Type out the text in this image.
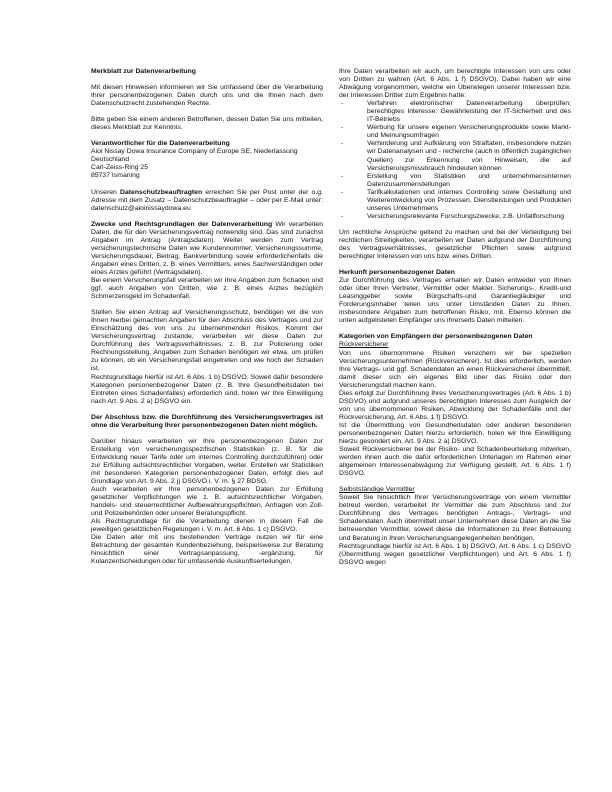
Merkblatt zur Datenverarbeitung

Mit diesen Hinweisen informieren wir Sie umfassend über die Verarbeitung Ihrer personenbezogenen Daten durch uns und die Ihnen nach dem Datenschutzrecht zustehenden Rechte.

Bitte geben Sie einem anderen Betroffenen, dessen Daten Sie uns mitteilen, dieses Merkblatt zur Kenntnis.

Verantwortlicher für die Datenverarbeitung
Aioi Nissay Dowa Insurance Company of Europe SE, Niederlassung Deutschland
Carl-Zeiss-Ring 25
85737 Ismaning

Unseren Datenschutzbeauftragten erreichen Sie per Post unter der o.g. Adresse mit dem Zusatz – Datenschutzbeauftragter – oder per E-Mail unter: datenschutz@aioinissaydowa.eu

Zwecke und Rechtsgrundlagen der Datenverarbeitung Wir verarbeiten Daten, die für den Versicherungsvertrag notwendig sind. Das sind zunächst Angaben im Antrag (Antragsdaten). Weiter werden zum Vertrag versicherungstechnische Daten wie Kundennummer, Versicherungssumme, Versicherungsdauer, Beitrag, Bankverbindung sowie erforderlichenfalls die Angaben eines Dritten, z. B. eines Vermittlers, eines Sachverständigen oder eines Arztes geführt (Vertragsdaten).

Bei einem Versicherungsfall verarbeiten wir Ihre Angaben zum Schaden und ggf. auch Angaben von Dritten, wie z. B. eines Arztes bezüglich Schmerzensgeld im Schadenfall.

Stellen Sie einen Antrag auf Versicherungsschutz, benötigen wir die von Ihnen hierbei gemachten Angaben für den Abschluss des Vertrages und zur Einschätzung des von uns zu übernehmenden Risikos. Kommt der Versicherungsvertrag zustande, verarbeiten wir diese Daten zur Durchführung des Vertragsverhältnisses, z. B. zur Policierung oder Rechnungsstellung. Angaben zum Schaden benötigen wir etwa, um prüfen zu können, ob ein Versicherungsfall eingetreten und wie hoch der Schaden ist.

Rechtsgrundlage hierfür ist Art. 6 Abs. 1 b) DSGVO. Soweit dafür besondere Kategorien personenbezogener Daten (z. B. Ihre Gesundheitsdaten bei Eintreten eines Schadenfalles) erforderlich sind, holen wir Ihre Einwilligung nach Art. 9 Abs. 2 a) DSGVO ein.

Der Abschluss bzw. die Durchführung des Versicherungsvertrages ist ohne die Verarbeitung Ihrer personenbezogenen Daten nicht möglich.

Darüber hinaus verarbeiten wir Ihre personenbezogenen Daten zur Erstellung von versicherungsspezifischen Statistiken (z. B. für die Entwicklung neuer Tarife oder um internes Controlling durchzuführen) oder zur Erfüllung aufsichtsrechtlicher Vorgaben, weiter. Erstellen wir Statistiken mit besonderen Kategorien personenbezogener Daten, erfolgt dies auf Grundlage von Art. 9 Abs. 2 j) DSGVO i. V. m. § 27 BDSG.

Auch verarbeiten wir Ihre personenbezogenen Daten zur Erfüllung gesetzlicher Verpflichtungen wie z. B. aufsichtsrechtlicher Vorgaben, handels- und steuerrechtlicher Aufbewahrungspflichten, Anfragen von Zoll- und Polizeibehörden oder unserer Beratungspflicht.

Als Rechtsgrundlage für die Verarbeitung dienen in diesem Fall die jeweiligen gesetzlichen Regelungen i. V. m. Art. 6 Abs. 1 c) DSGVO.

Die Daten aller mit uns bestehenden Verträge nutzen wir für eine Betrachtung der gesamten Kundenbeziehung, beispielsweise zur Beratung hinsichtlich einer Vertragsanpassung, -ergänzung, für Kulanzentscheidungen oder für umfassende Auskunftserteilungen.

Ihre Daten verarbeiten wir auch, um berechtigte Interessen von uns oder von Dritten zu wahren (Art. 6 Abs. 1 f) DSGVO). Dabei haben wir eine Abwägung vorgenommen, welche ein Überwiegen unserer Interessen bzw. der Interessen Dritter zum Ergebnis hatte:

- Verfahren elektronischer Datenverarbeitung überprüfen; berechtigtes Interesse: Gewährleistung der IT-Sicherheit und des IT-Betriebs
- Werbung für unsere eigenen Versicherungsprodukte sowie Markt- und Meinungsumfragen
- Verhinderung und Aufklärung von Straftaten, insbesondere nutzen wir Datenanalysen und - recherche (auch in öffentlich zugänglichen Quellen) zur Erkennung von Hinweisen, die auf Versicherungsmissbrauch hindeuten können
- Erstellung von Statistiken und unternehmensinternen Datenzusammenstellungen
- Tarifkalkulationen und internes Controlling sowie Gestaltung und Weiterentwicklung von Prozessen, Dienstleistungen und Produkten unseres Unternehmens
- Versicherungsrelevante Forschungszwecke, z.B. Unfallforschung

Um rechtliche Ansprüche geltend zu machen und bei der Verteidigung bei rechtlichen Streitigkeiten, verarbeiten wir Daten aufgrund der Durchführung des Vertragsverhältnisses, gesetzlicher Pflichten sowie aufgrund berechtigter Interessen von uns bzw. eines Dritten.

Herkunft personenbezogener Daten

Zur Durchführung des Vertrages erhalten wir Daten entweder von Ihnen oder über Ihren Vertreter, Vermittler oder Makler. Sicherungs-, Kredit-und Leasinggeber sowie Bürgschafts-und Garantiegläubiger und Forderungsinhaber teilen uns unter Umständen Daten zu Ihnen, insbesondere Angaben zum betroffenen Risiko, mit. Ebenso können die unten aufgelisteten Empfänger uns ihrerseits Daten mitteilen.

Kategorien von Empfängern der personenbezogenen Daten

Rückversicherer

Von uns übernommene Risiken versichern wir bei speziellen Versicherungsunternehmen (Rückversicherer). Ist dies erforderlich, werden Ihre Vertrags- und ggf. Schadendaten an einen Rückversicherer übermittelt, damit dieser sich ein eigenes Bild über das Risiko oder den Versicherungsfall machen kann.

Dies erfolgt zur Durchführung Ihres Versicherungsvertrages (Art. 6 Abs. 1 b) DSGVO) und aufgrund unseres berechtigten Interesses zum Ausgleich der von uns übernommenen Risiken, Abwicklung der Schadenfälle und der Rückversicherung, Art. 6 Abs. 1 f) DSGVO.

Ist die Übermittlung von Gesundheitsdaten oder anderen besonderen personenbezogenen Daten hierzu erforderlich, holen wir Ihre Einwilligung hierzu gesondert ein, Art. 9 Abs. 2 a) DSGVO.

Soweit Rückversicherer bei der Risiko- und Schadenbeurteilung mitwirken, werden ihnen auch die dafür erforderlichen Unterlagen im Rahmen einer allgemeinen Interessenabwägung zur Verfügung gestellt, Art. 6 Abs. 1 f) DSGVO.

Selbstständige Vermittler

Soweit Sie hinsichtlich Ihrer Versicherungsverträge von einem Vermittler betreut werden, verarbeitet Ihr Vermittler die zum Abschluss und zur Durchführung des Vertrages benötigten Antrags-, Vertrags- und Schadendaten. Auch übermittelt unser Unternehmen diese Daten an die Sie betreuenden Vermittler, soweit diese die Informationen zu Ihrer Betreuung und Beratung in Ihren Versicherungsangelegenheiten benötigen.

Rechtsgrundlage hierfür ist Art. 6 Abs. 1 b) DSGVO, Art. 6 Abs. 1 c) DSGVO (Übermittlung wegen gesetzlicher Verpflichtungen) und Art. 6 Abs. 1 f) DSGVO wegen
